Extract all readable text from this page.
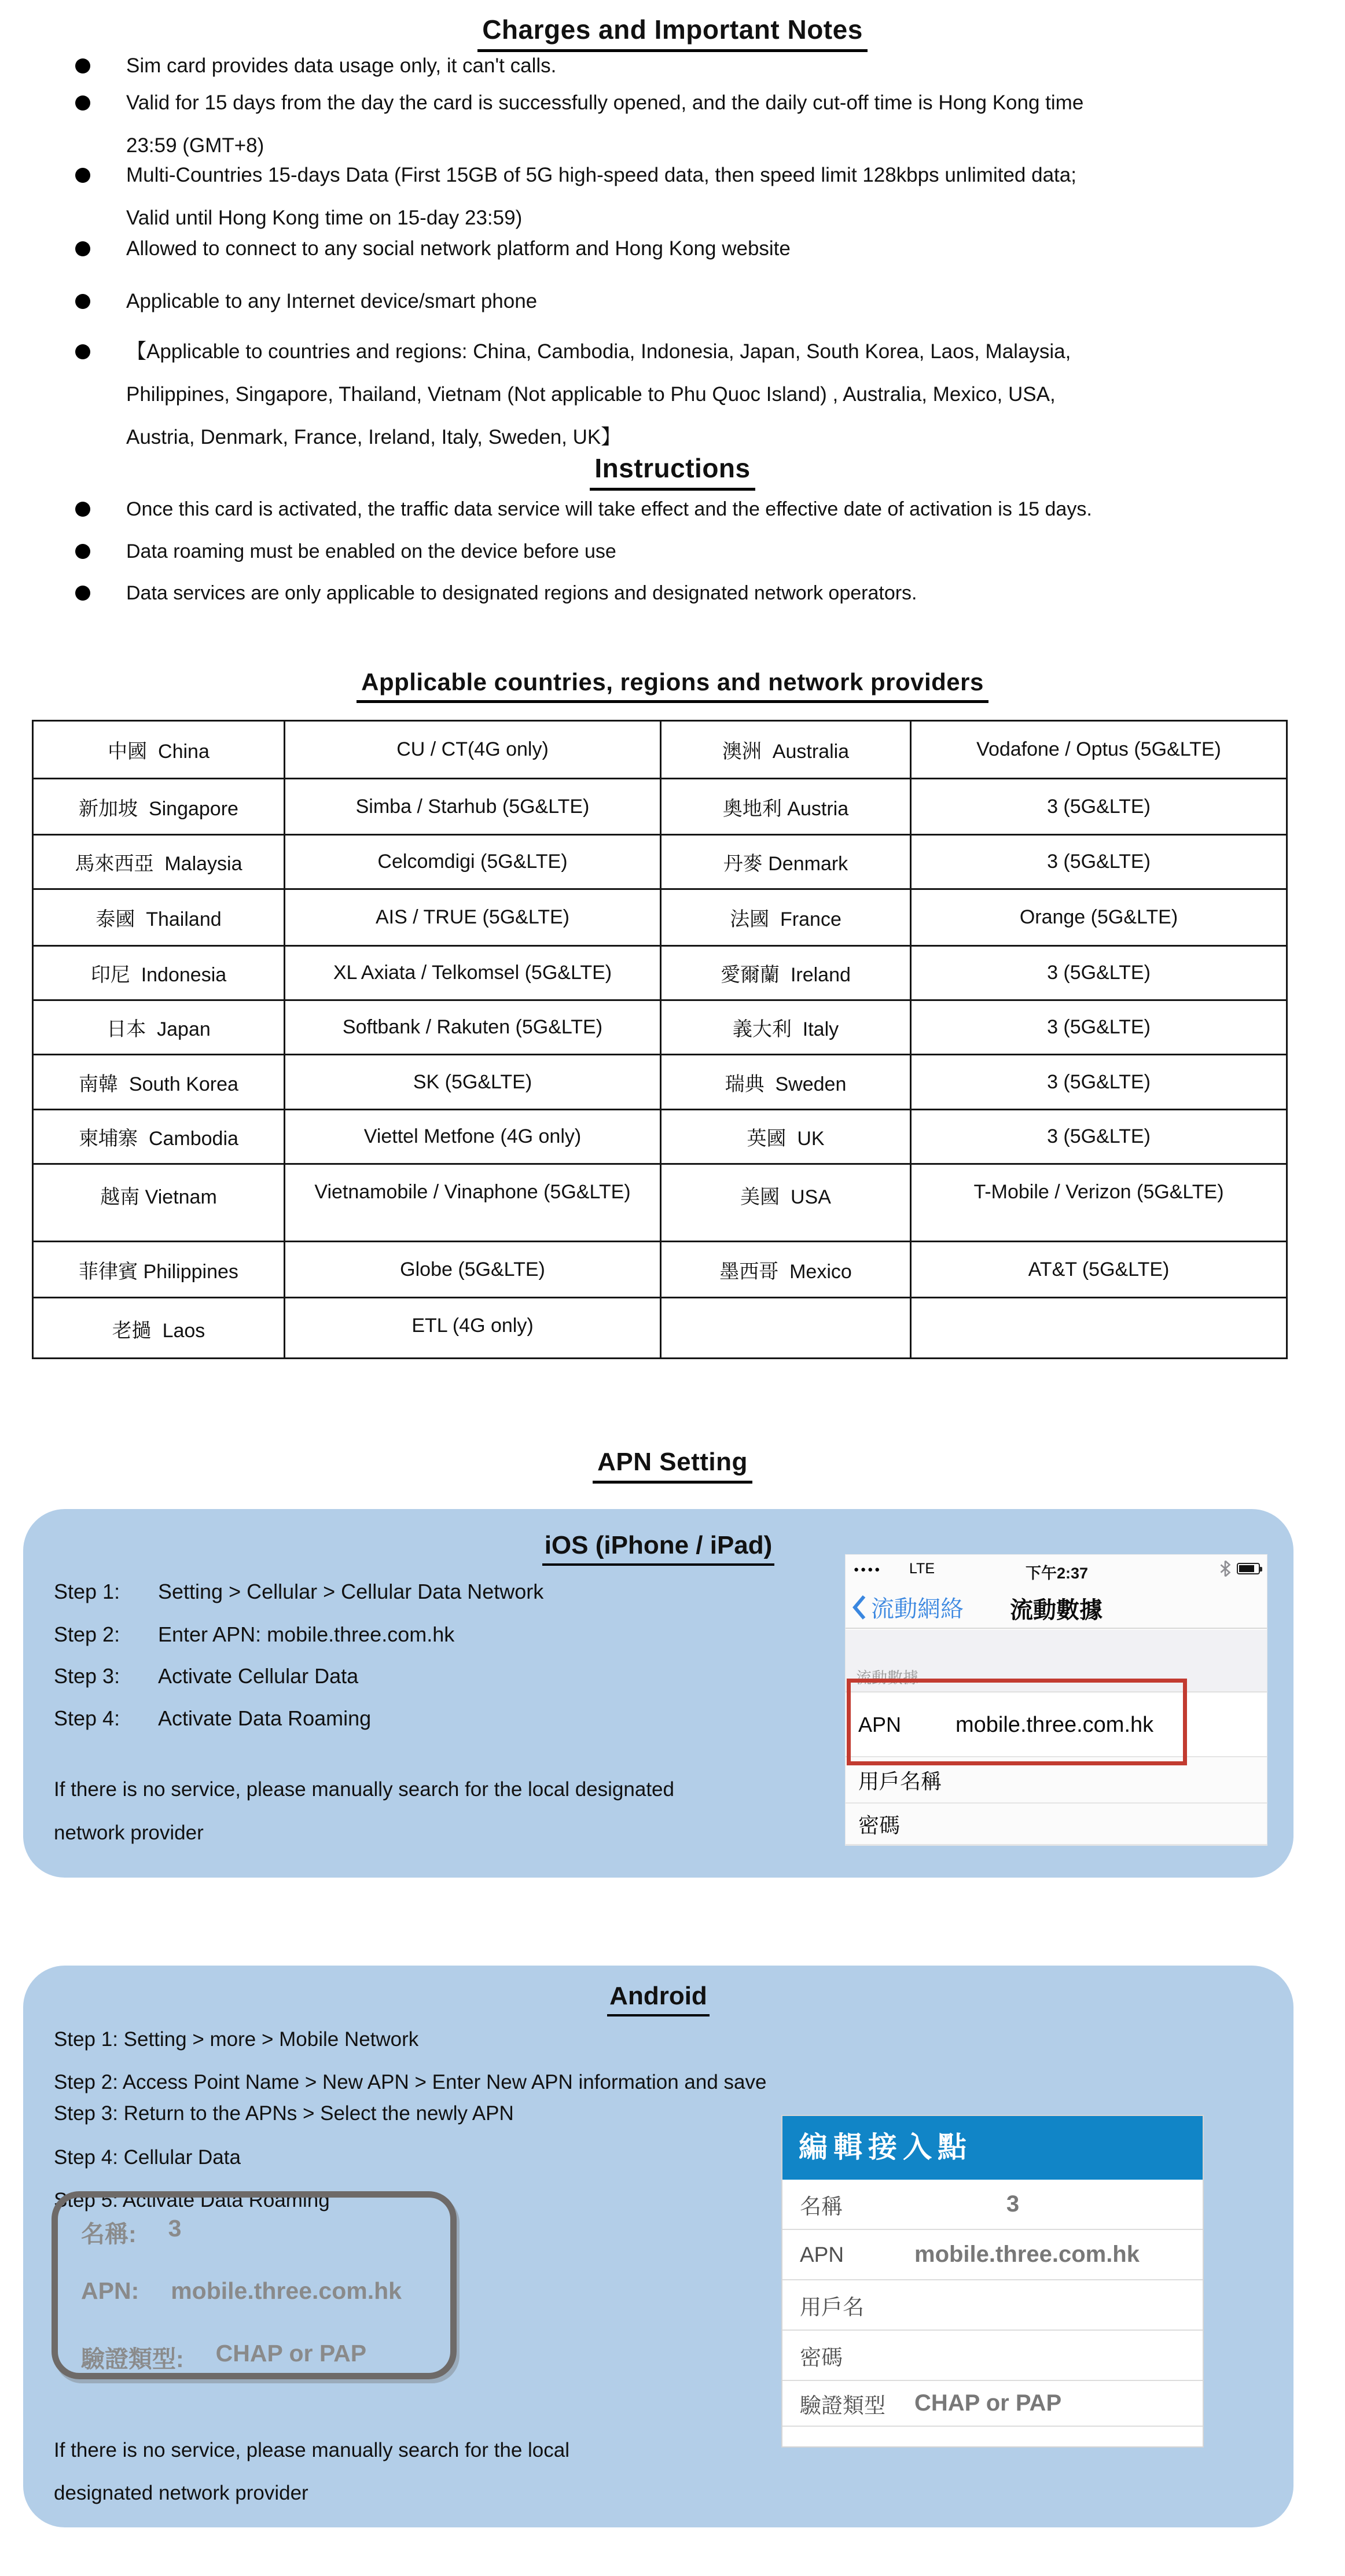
Charges and Important Notes
Sim card provides data usage only, it can't calls.
Valid for 15 days from the day the card is successfully opened, and the daily cut-off time is Hong Kong time
23:59 (GMT+8)
Multi-Countries 15-days Data (First 15GB of 5G high-speed data, then speed limit 128kbps unlimited data;
Valid until Hong Kong time on 15-day 23:59)
Allowed to connect to any social network platform and Hong Kong website
Applicable to any Internet device/smart phone
【Applicable to countries and regions: China, Cambodia, Indonesia, Japan, South Korea, Laos, Malaysia,
Philippines, Singapore, Thailand, Vietnam (Not applicable to Phu Quoc Island) , Australia, Mexico, USA,
Austria, Denmark, France, Ireland, Italy, Sweden, UK】
Instructions
Once this card is activated, the traffic data service will take effect and the effective date of activation is 15 days.
Data roaming must be enabled on the device before use
Data services are only applicable to designated regions and designated network operators.
Applicable countries, regions and network providers
中國  China	CU / CT(4G only)	澳洲  Australia	Vodafone / Optus (5G&LTE)
新加坡  Singapore	Simba / Starhub (5G&LTE)	奧地利 Austria	3 (5G&LTE)
馬來西亞  Malaysia	Celcomdigi (5G&LTE)	丹麥 Denmark	3 (5G&LTE)
泰國  Thailand	AIS / TRUE (5G&LTE)	法國  France	Orange (5G&LTE)
印尼  Indonesia	XL Axiata / Telkomsel (5G&LTE)	愛爾蘭  Ireland	3 (5G&LTE)
日本  Japan	Softbank / Rakuten (5G&LTE)	義大利  Italy	3 (5G&LTE)
南韓  South Korea	SK (5G&LTE)	瑞典  Sweden	3 (5G&LTE)
柬埔寨  Cambodia	Viettel Metfone (4G only)	英國  UK	3 (5G&LTE)
越南 Vietnam	Vietnamobile / Vinaphone (5G&LTE)	美國  USA	T-Mobile / Verizon (5G&LTE)
菲律賓 Philippines	Globe (5G&LTE)	墨西哥  Mexico	AT&T (5G&LTE)
老撾  Laos	ETL (4G only)		
APN Setting
iOS (iPhone / iPad)
Step 1:	Setting > Cellular > Cellular Data Network
Step 2:	Enter APN: mobile.three.com.hk
Step 3:	Activate Cellular Data
Step 4:	Activate Data Roaming
If there is no service, please manually search for the local designated
network provider
●●●● LTE	下午2:37
流動網絡	流動數據
流動數據
APN	mobile.three.com.hk
用戶名稱
密碼
Android
Step 1: Setting > more > Mobile Network
Step 2: Access Point Name > New APN > Enter New APN information and save
Step 3: Return to the APNs > Select the newly APN
Step 4: Cellular Data
Step 5: Activate Data Roaming
名稱: 3
APN: mobile.three.com.hk
驗證類型: CHAP or PAP
If there is no service, please manually search for the local
designated network provider
編輯接入點
名稱	3
APN	mobile.three.com.hk
用戶名
密碼
驗證類型	CHAP or PAP
